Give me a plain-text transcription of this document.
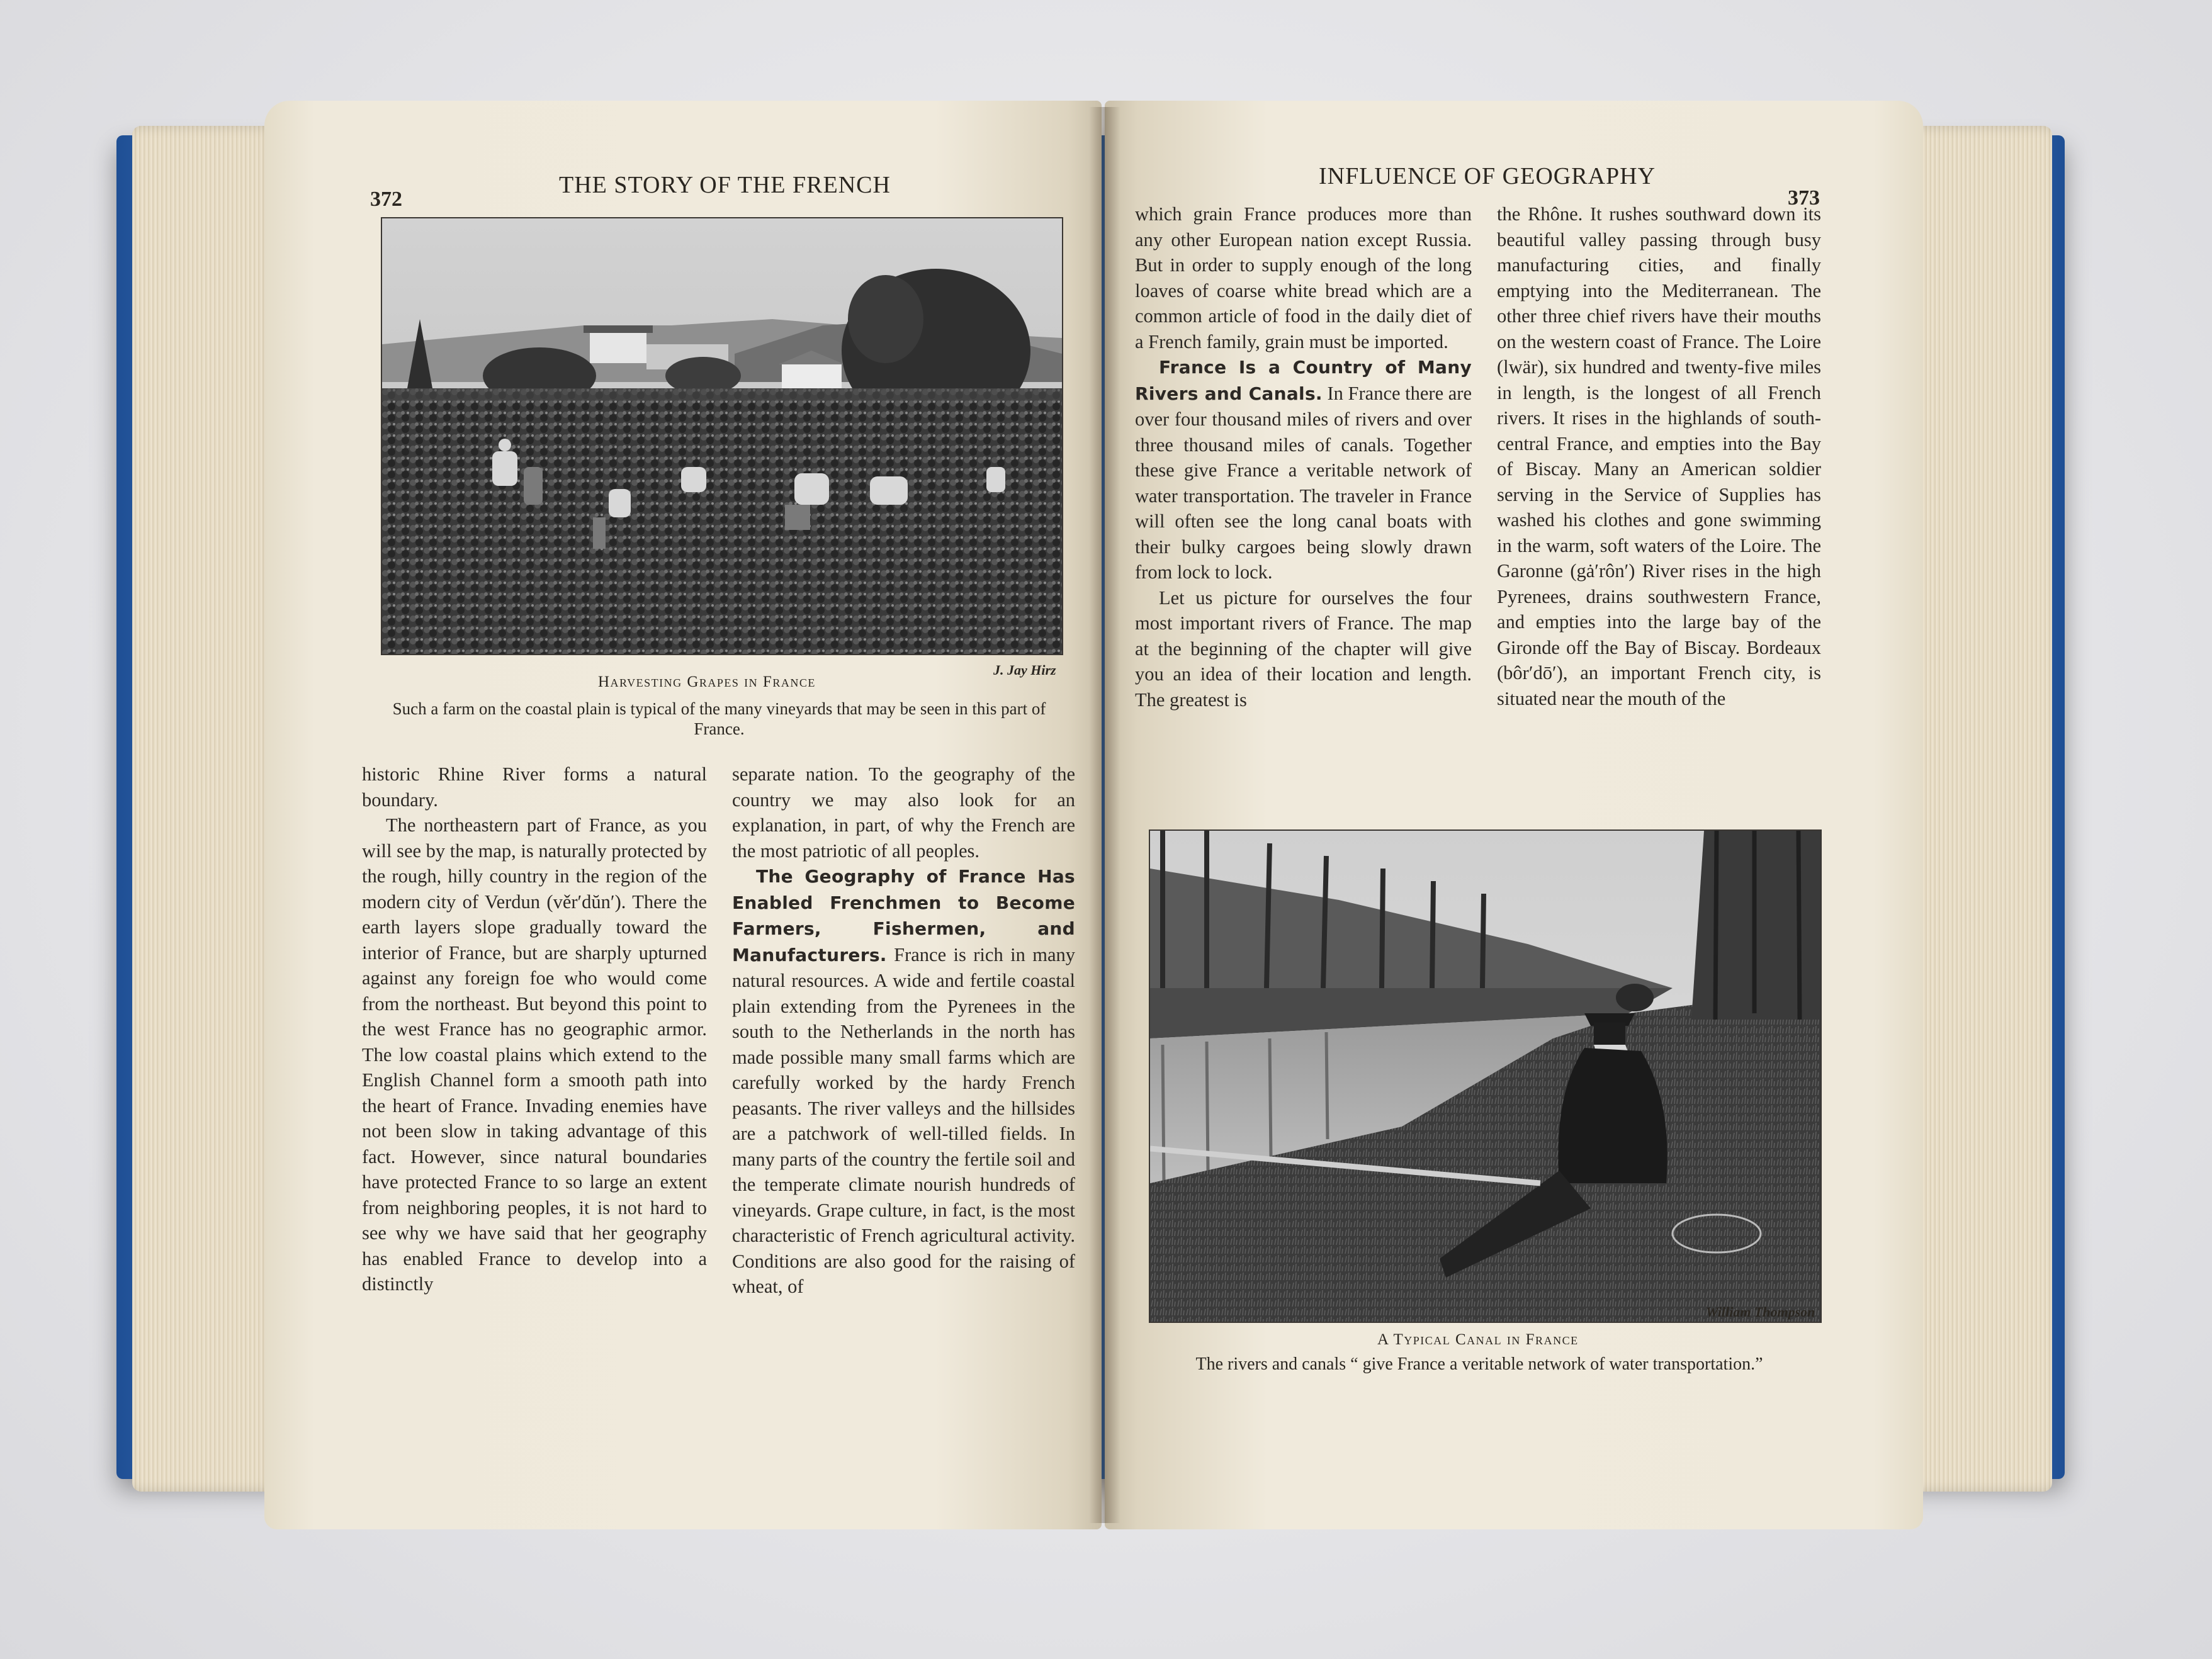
372
THE STORY OF THE FRENCH
Harvesting Grapes in France
J. Jay Hirz
Such a farm on the coastal plain is typical of the many vineyards that may be seen in this part of France.

historic Rhine River forms a natural boundary.

The northeastern part of France, as you will see by the map, is naturally protected by the rough, hilly country in the region of the modern city of Verdun (věr′dŭn′). There the earth layers slope gradually toward the interior of France, but are sharply upturned against any foreign foe who would come from the northeast. But beyond this point to the west France has no geographic armor. The low coastal plains which extend to the English Channel form a smooth path into the heart of France. Invading enemies have not been slow in taking advantage of this fact. However, since natural boundaries have protected France to so large an extent from neighboring peoples, it is not hard to see why we have said that her geography has enabled France to develop into a distinctly

separate nation. To the geography of the country we may also look for an explanation, in part, of why the French are the most patriotic of all peoples.

The Geography of France Has Enabled Frenchmen to Become Farmers, Fishermen, and Manufacturers. France is rich in many natural resources. A wide and fertile coastal plain extending from the Pyrenees in the south to the Netherlands in the north has made possible many small farms which are carefully worked by the hardy French peasants. The river valleys and the hillsides are a patchwork of well-tilled fields. In many parts of the country the fertile soil and the temperate climate nourish hundreds of vineyards. Grape culture, in fact, is the most characteristic of French agricultural activity. Conditions are also good for the raising of wheat, of

INFLUENCE OF GEOGRAPHY
373

which grain France produces more than any other European nation except Russia. But in order to supply enough of the long loaves of coarse white bread which are a common article of food in the daily diet of a French family, grain must be imported.

France Is a Country of Many Rivers and Canals. In France there are over four thousand miles of rivers and over three thousand miles of canals. Together these give France a veritable network of water transportation. The traveler in France will often see the long canal boats with their bulky cargoes being slowly drawn from lock to lock.

Let us picture for ourselves the four most important rivers of France. The map at the beginning of the chapter will give you an idea of their location and length. The greatest is

the Rhône. It rushes southward down its beautiful valley passing through busy manufacturing cities, and finally emptying into the Mediterranean. The other three chief rivers have their mouths on the western coast of France. The Loire (lwär), six hundred and twenty-five miles in length, is the longest of all French rivers. It rises in the highlands of south-central France, and empties into the Bay of Biscay. Many an American soldier serving in the Service of Supplies has washed his clothes and gone swimming in the warm, soft waters of the Loire. The Garonne (gȧ′rôn′) River rises in the high Pyrenees, drains southwestern France, and empties into the large bay of the Gironde off the Bay of Biscay. Bordeaux (bôr′dō′), an important French city, is situated near the mouth of the

William Thompson
A Typical Canal in France
The rivers and canals “ give France a veritable network of water transportation.”
